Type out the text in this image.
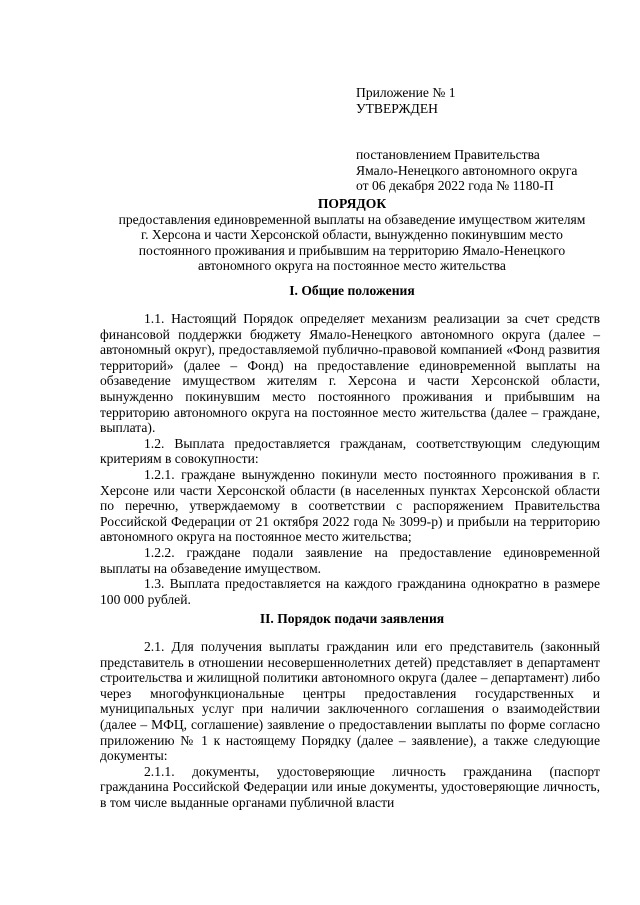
Приложение № 1
УТВЕРЖДЕН
постановлением Правительства
Ямало-Ненецкого автономного округа
от 06 декабря 2022 года № 1180-П
ПОРЯДОК
предоставления единовременной выплаты на обзаведение имуществом жителям
г. Херсона и части Херсонской области, вынужденно покинувшим место
постоянного проживания и прибывшим на территорию Ямало-Ненецкого
автономного округа на постоянное место жительства
I. Общие положения

1.1. Настоящий Порядок определяет механизм реализации за счет средств финансовой поддержки бюджету Ямало-Ненецкого автономного округа (далее – автономный округ), предоставляемой публично-правовой компанией «Фонд развития территорий» (далее – Фонд) на предоставление единовременной выплаты на обзаведение имуществом жителям г. Херсона и части Херсонской области, вынужденно покинувшим место постоянного проживания и прибывшим на территорию автономного округа на постоянное место жительства (далее – граждане, выплата).

1.2. Выплата предоставляется гражданам, соответствующим следующим критериям в совокупности:

1.2.1. граждане вынужденно покинули место постоянного проживания в г. Херсоне или части Херсонской области (в населенных пунктах Херсонской области по перечню, утверждаемому в соответствии с распоряжением Правительства Российской Федерации от 21 октября 2022 года № 3099-р) и прибыли на территорию автономного округа на постоянное место жительства;

1.2.2. граждане подали заявление на предоставление единовременной выплаты на обзаведение имуществом.

1.3. Выплата предоставляется на каждого гражданина однократно в размере 100 000 рублей.

II. Порядок подачи заявления

2.1. Для получения выплаты гражданин или его представитель (законный представитель в отношении несовершеннолетних детей) представляет в департамент строительства и жилищной политики автономного округа (далее – департамент) либо через многофункциональные центры предоставления государственных и муниципальных услуг при наличии заключенного соглашения о взаимодействии (далее – МФЦ, соглашение) заявление о предоставлении выплаты по форме согласно приложению № 1 к настоящему Порядку (далее – заявление), а также следующие документы:

2.1.1. документы, удостоверяющие личность гражданина (паспорт гражданина Российской Федерации или иные документы, удостоверяющие личность, в том числе выданные органами публичной власти
